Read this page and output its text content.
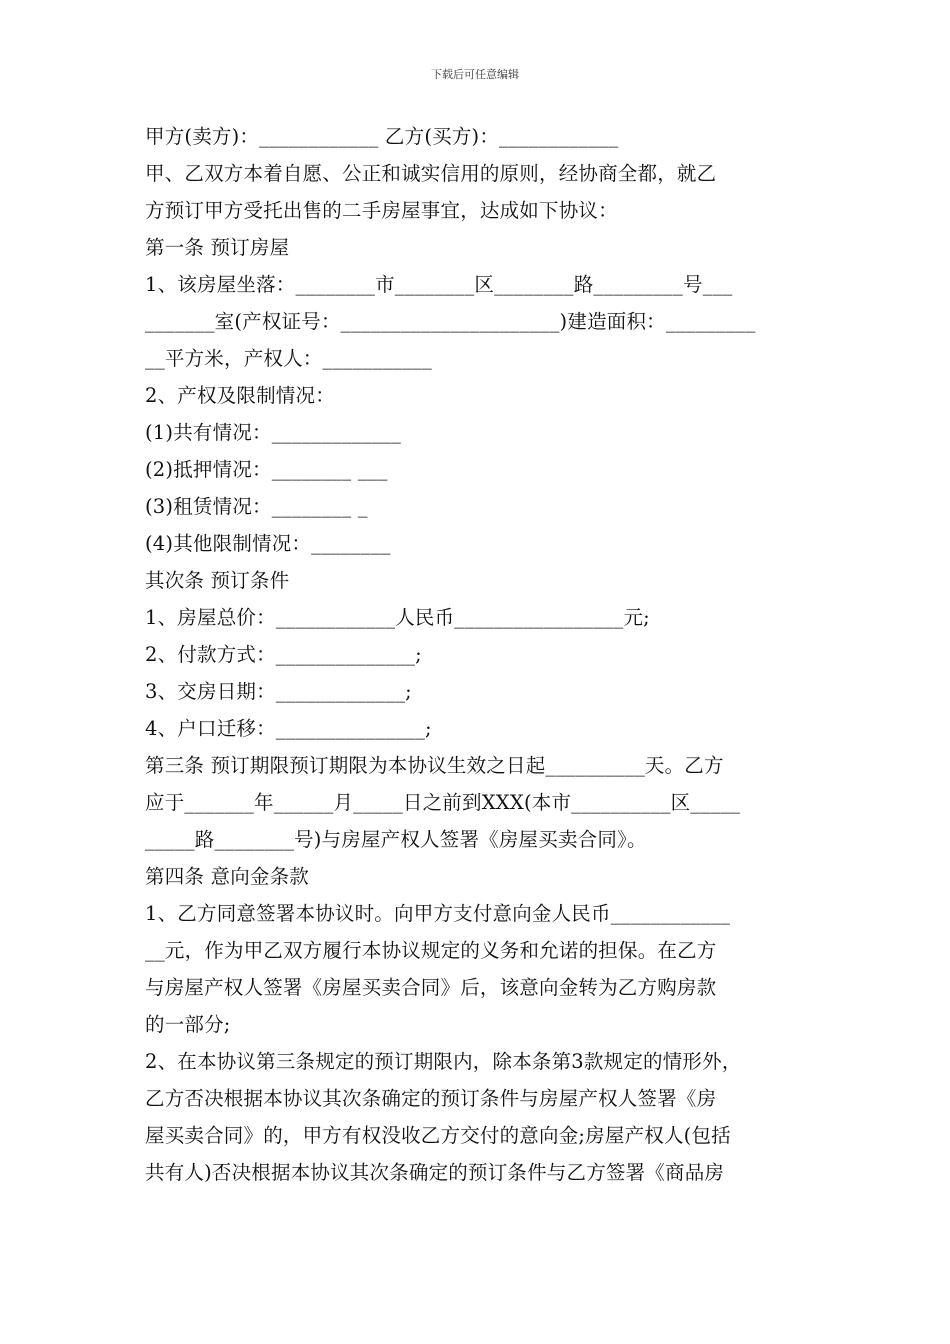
下载后可任意编辑
甲方(卖方)：____________ 乙方(买方)：____________
甲、乙双方本着自愿、公正和诚实信用的原则，经协商全都，就乙
方预订甲方受托出售的二手房屋事宜，达成如下协议：
第一条 预订房屋
1、该房屋坐落：________市________区________路_________号___
_______室(产权证号：______________________)建造面积：_________
__平方米，产权人：___________
2、产权及限制情况：
(1)共有情况：_____________
(2)抵押情况：________ ___
(3)租赁情况：________ _
(4)其他限制情况：________
其次条 预订条件
1、房屋总价：____________人民币_________________元;
2、付款方式：______________;
3、交房日期：_____________;
4、户口迁移：_______________;
第三条 预订期限预订期限为本协议生效之日起__________天。乙方
应于_______年______月_____日之前到XXX(本市__________区_____
_____路________号)与房屋产权人签署《房屋买卖合同》。
第四条 意向金条款
1、乙方同意签署本协议时。向甲方支付意向金人民币____________
__元，作为甲乙双方履行本协议规定的义务和允诺的担保。在乙方
与房屋产权人签署《房屋买卖合同》后，该意向金转为乙方购房款
的一部分;
2、在本协议第三条规定的预订期限内，除本条第3款规定的情形外，
乙方否决根据本协议其次条确定的预订条件与房屋产权人签署《房
屋买卖合同》的，甲方有权没收乙方交付的意向金;房屋产权人(包括
共有人)否决根据本协议其次条确定的预订条件与乙方签署《商品房
